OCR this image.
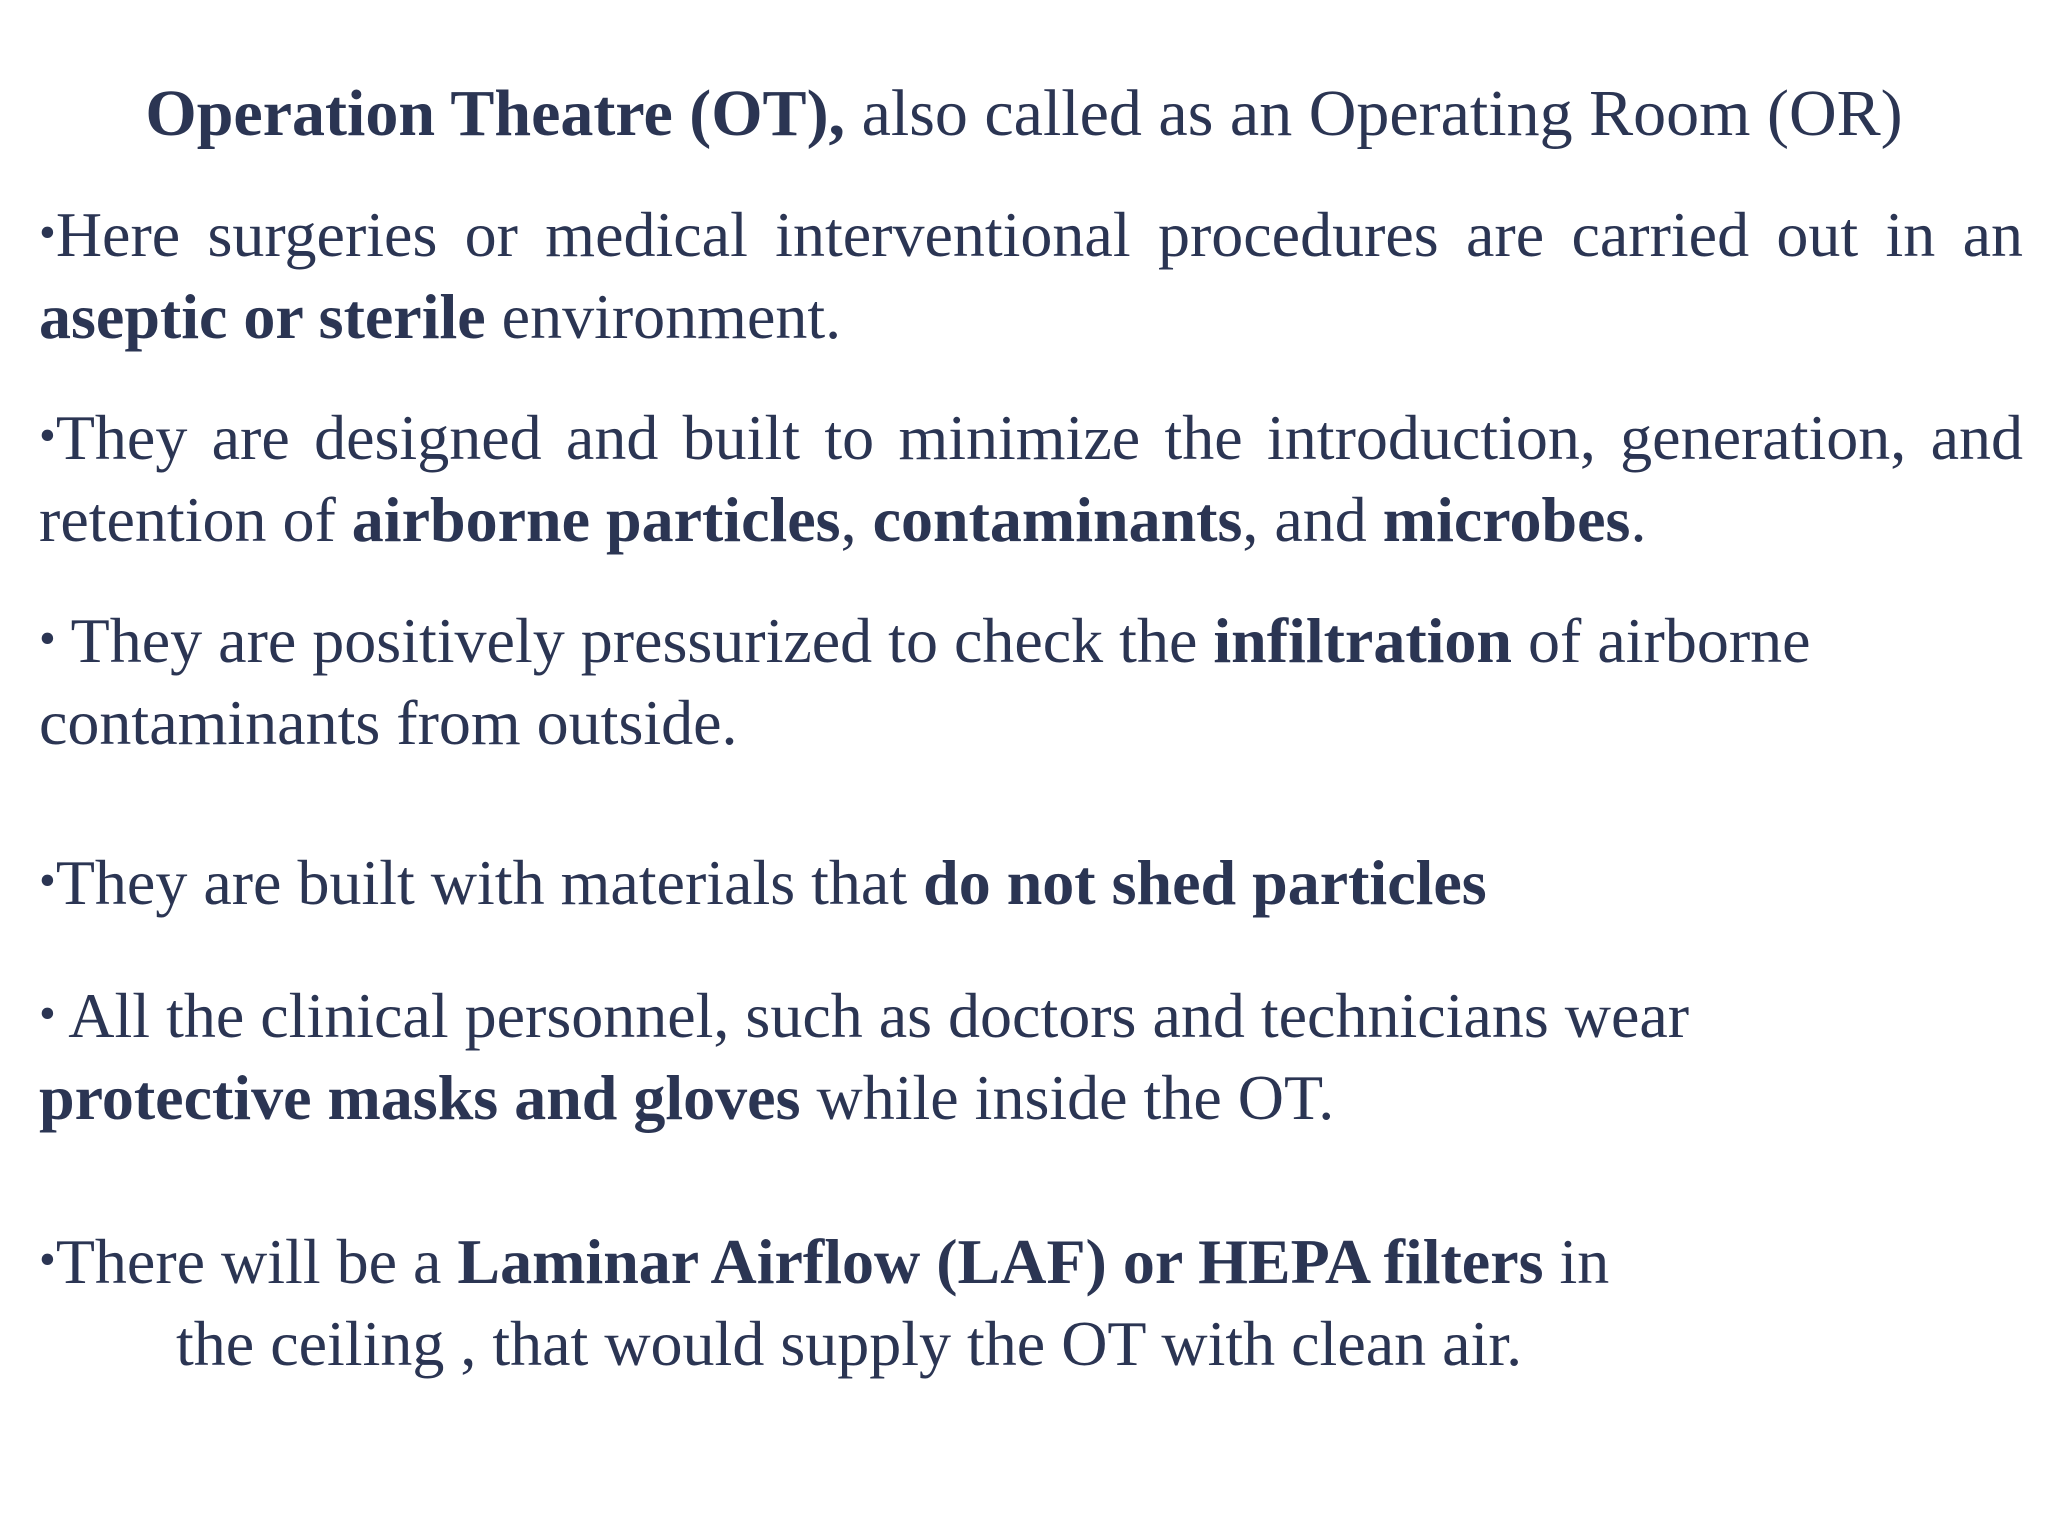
Operation Theatre (OT), also called as an Operating Room (OR)

•Here surgeries or medical interventional procedures are carried out in an aseptic or sterile environment.

•They are designed and built to minimize the introduction, generation, and retention of airborne particles, contaminants, and microbes.

• They are positively pressurized to check the infiltration of airborne
contaminants from outside.

•They are built with materials that do not shed particles

• All the clinical personnel, such as doctors and technicians wear
protective masks and gloves while inside the OT.

•There will be a Laminar Airflow (LAF) or HEPA filters in
the ceiling , that would supply the OT with clean air.
